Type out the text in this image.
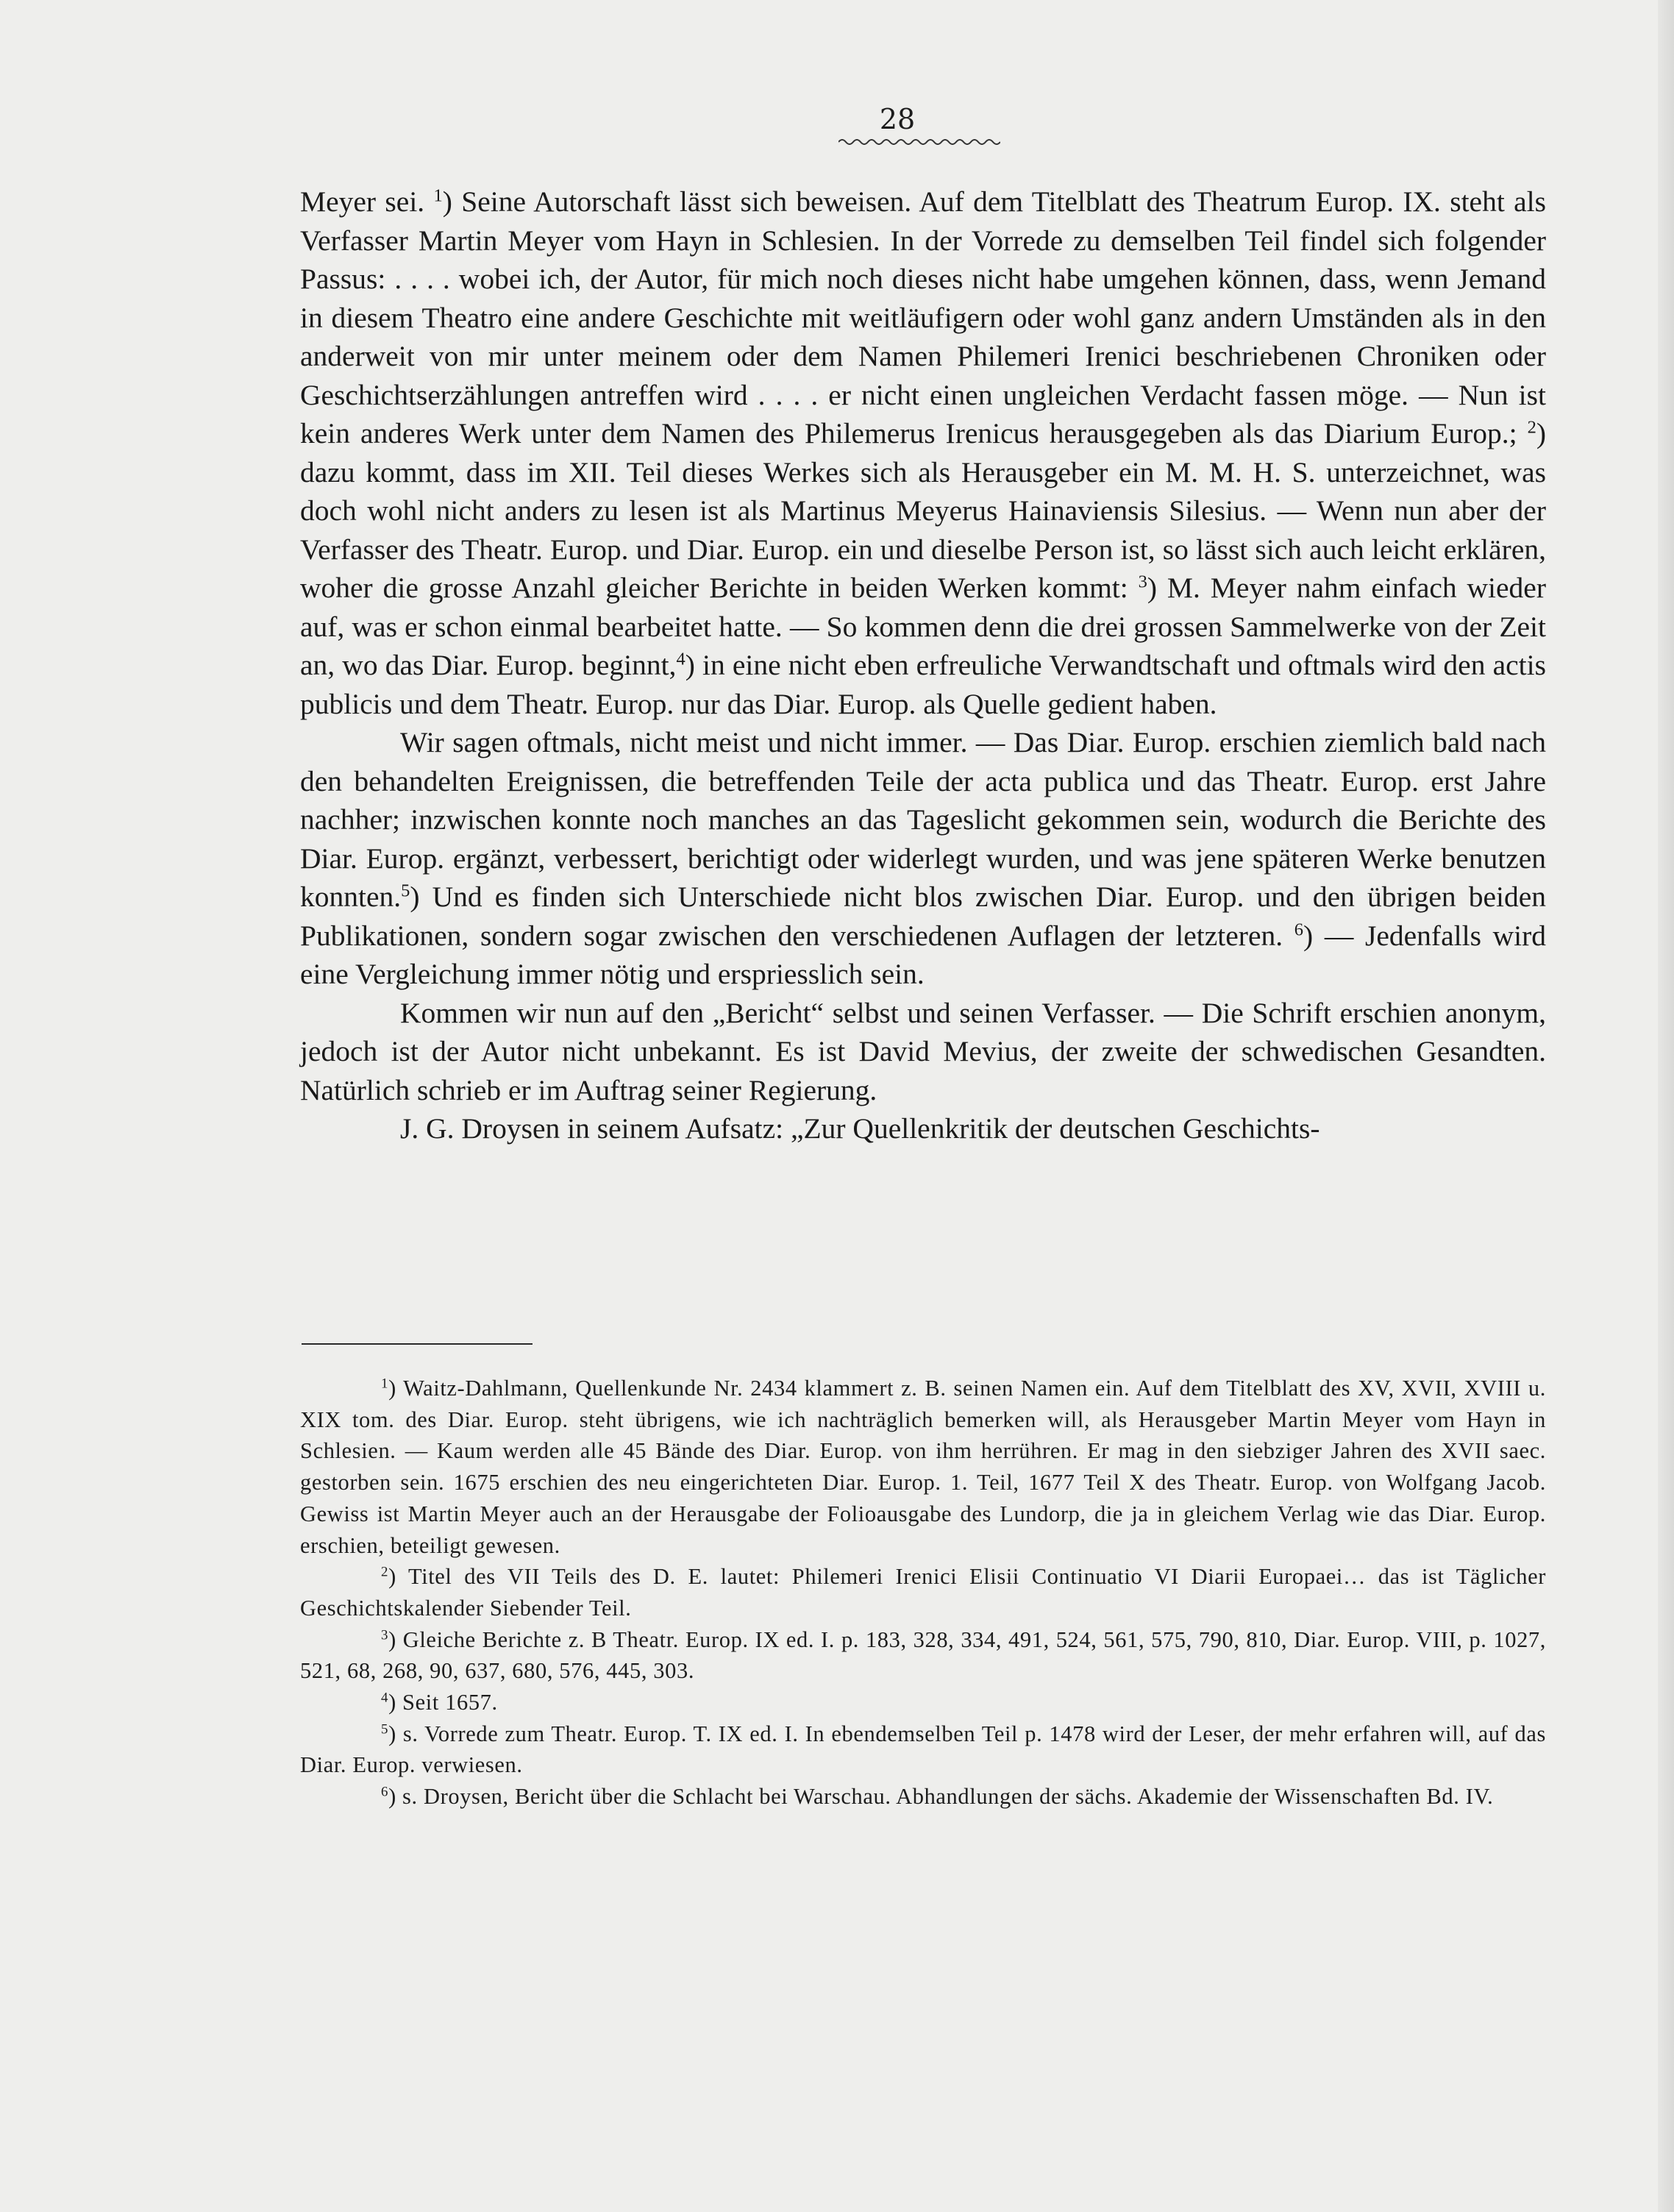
28

Meyer sei. $^1$) Seine Autorschaft lässt sich beweisen. Auf dem Titelblatt des Theatrum Europ. IX. steht als Verfasser Martin Meyer vom Hayn in Schlesien. In der Vorrede zu demselben Teil findel sich folgender Passus: . . . . wobei ich, der Autor, für mich noch dieses nicht habe umgehen können, dass, wenn Jemand in diesem Theatro eine andere Geschichte mit weitläufigern oder wohl ganz andern Umständen als in den anderweit von mir unter meinem oder dem Namen Philemeri Irenici beschriebenen Chroniken oder Geschichtserzählungen antreffen wird . . . . er nicht einen ungleichen Verdacht fassen möge. — Nun ist kein anderes Werk unter dem Namen des Philemerus Irenicus herausgegeben als das Diarium Europ.; $^2$) dazu kommt, dass im XII. Teil dieses Werkes sich als Herausgeber ein M. M. H. S. unterzeichnet, was doch wohl nicht anders zu lesen ist als Martinus Meyerus Hainaviensis Silesius. — Wenn nun aber der Verfasser des Theatr. Europ. und Diar. Europ. ein und dieselbe Person ist, so lässt sich auch leicht erklären, woher die grosse Anzahl gleicher Berichte in beiden Werken kommt: $^3$) M. Meyer nahm einfach wieder auf, was er schon einmal bearbeitet hatte. — So kommen denn die drei grossen Sammelwerke von der Zeit an, wo das Diar. Europ. beginnt,$^4$) in eine nicht eben erfreuliche Verwandtschaft und oftmals wird den actis publicis und dem Theatr. Europ. nur das Diar. Europ. als Quelle gedient haben.

Wir sagen oftmals, nicht meist und nicht immer. — Das Diar. Europ. erschien ziemlich bald nach den behandelten Ereignissen, die betreffenden Teile der acta publica und das Theatr. Europ. erst Jahre nachher; inzwischen konnte noch manches an das Tageslicht gekommen sein, wodurch die Berichte des Diar. Europ. ergänzt, verbessert, berichtigt oder widerlegt wurden, und was jene späteren Werke benutzen konnten.$^5$) Und es finden sich Unterschiede nicht blos zwischen Diar. Europ. und den übrigen beiden Publikationen, sondern sogar zwischen den verschiedenen Auflagen der letzteren. $^6$) — Jedenfalls wird eine Vergleichung immer nötig und erspriesslich sein.

Kommen wir nun auf den „Bericht“ selbst und seinen Verfasser. — Die Schrift erschien anonym, jedoch ist der Autor nicht unbekannt. Es ist David Mevius, der zweite der schwedischen Gesandten. Natürlich schrieb er im Auftrag seiner Regierung.

J. G. Droysen in seinem Aufsatz: „Zur Quellenkritik der deutschen Geschichts-

$^1$) Waitz-Dahlmann, Quellenkunde Nr. 2434 klammert z. B. seinen Namen ein. Auf dem Titelblatt des XV, XVII, XVIII u. XIX tom. des Diar. Europ. steht übrigens, wie ich nachträglich bemerken will, als Herausgeber Martin Meyer vom Hayn in Schlesien. — Kaum werden alle 45 Bände des Diar. Europ. von ihm herrühren. Er mag in den siebziger Jahren des XVII saec. gestorben sein. 1675 erschien des neu eingerichteten Diar. Europ. 1. Teil, 1677 Teil X des Theatr. Europ. von Wolfgang Jacob. Gewiss ist Martin Meyer auch an der Herausgabe der Folioausgabe des Lundorp, die ja in gleichem Verlag wie das Diar. Europ. erschien, beteiligt gewesen.

$^2$) Titel des VII Teils des D. E. lautet: Philemeri Irenici Elisii Continuatio VI Diarii Europaei… das ist Täglicher Geschichtskalender Siebender Teil.

$^3$) Gleiche Berichte z. B Theatr. Europ. IX ed. I. p. 183, 328, 334, 491, 524, 561, 575, 790, 810, Diar. Europ. VIII, p. 1027, 521, 68, 268, 90, 637, 680, 576, 445, 303.

$^4$) Seit 1657.

$^5$) s. Vorrede zum Theatr. Europ. T. IX ed. I. In ebendemselben Teil p. 1478 wird der Leser, der mehr erfahren will, auf das Diar. Europ. verwiesen.

$^6$) s. Droysen, Bericht über die Schlacht bei Warschau. Abhandlungen der sächs. Akademie der Wissenschaften Bd. IV.
